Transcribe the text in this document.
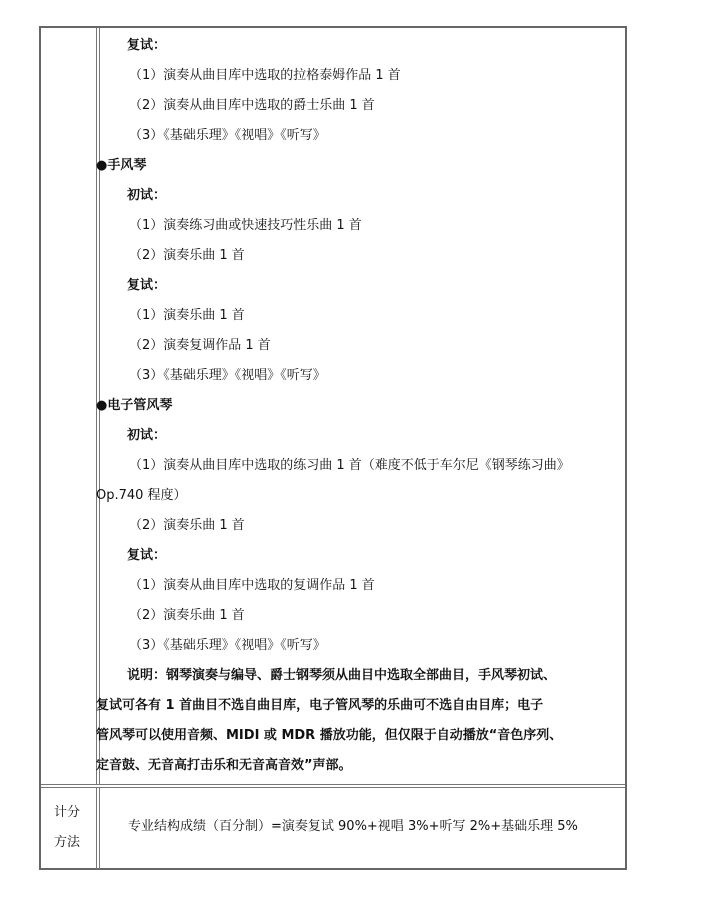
复试：
（1）演奏从曲目库中选取的拉格泰姆作品 1 首
（2）演奏从曲目库中选取的爵士乐曲 1 首
（3）《基础乐理》《视唱》《听写》
●手风琴
初试：
（1）演奏练习曲或快速技巧性乐曲 1 首
（2）演奏乐曲 1 首
复试：
（1）演奏乐曲 1 首
（2）演奏复调作品 1 首
（3）《基础乐理》《视唱》《听写》
●电子管风琴
初试：
（1）演奏从曲目库中选取的练习曲 1 首（难度不低于车尔尼《钢琴练习曲》
Op.740 程度）
（2）演奏乐曲 1 首
复试：
（1）演奏从曲目库中选取的复调作品 1 首
（2）演奏乐曲 1 首
（3）《基础乐理》《视唱》《听写》
说明：钢琴演奏与编导、爵士钢琴须从曲目中选取全部曲目，手风琴初试、
复试可各有 1 首曲目不选自曲目库，电子管风琴的乐曲可不选自由目库；电子
管风琴可以使用音频、MIDI 或 MDR 播放功能，但仅限于自动播放“音色序列、
定音鼓、无音高打击乐和无音高音效”声部。
计分
方法
专业结构成绩（百分制）=演奏复试 90%+视唱 3%+听写 2%+基础乐理 5%
